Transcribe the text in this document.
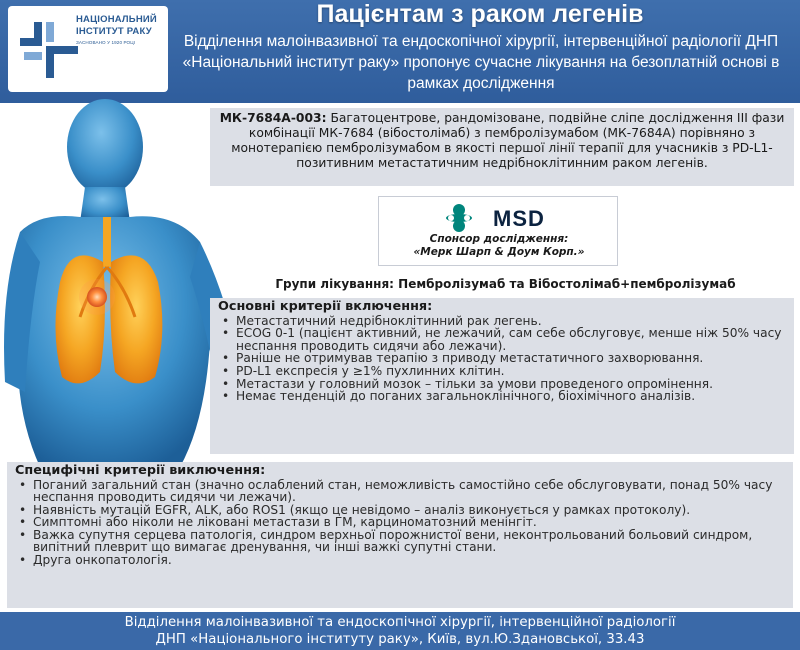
НАЦІОНАЛЬНИЙ ІНСТИТУТ РАКУ
ЗАСНОВАНО У 1920 РОЦІ
Пацієнтам з раком легенів
Відділення малоінвазивної та ендоскопічної хірургії, інтервенційної радіології ДНП «Національний інститут раку» пропонує сучасне лікування на безоплатній основі в рамках дослідження
МК-7684А-003: Багатоцентрове, рандомізоване, подвійне сліпе дослідження III фази комбінації МК-7684 (вібостолімаб) з пембролізумабом (МК-7684А) порівняно з монотерапією пембролізумабом в якості першої лінії терапії для учасників з PD-L1-позитивним метастатичним недрібноклітинним раком легенів.
MSD
Спонсор дослідження:
«Мерк Шарп & Доум Корп.»
Групи лікування: Пембролізумаб та Вібостолімаб+пембролізумаб
Основні критерії включення:
• Метастатичний недрібноклітинний рак легень.
• ECOG 0-1 (пацієнт активний, не лежачий, сам себе обслуговує, менше ніж 50% часу неспання проводить сидячи або лежачи).
• Раніше не отримував терапію з приводу метастатичного захворювання.
• PD-L1 експресія у ≥1% пухлинних клітин.
• Метастази у головний мозок – тільки за умови проведеного опромінення.
• Немає тенденцій до поганих загальноклінічного, біохімічного аналізів.
Специфічні критерії виключення:
• Поганий загальний стан (значно ослаблений стан, неможливість самостійно себе обслуговувати, понад 50% часу неспання проводить сидячи чи лежачи).
• Наявність мутацій EGFR, ALK, або ROS1 (якщо це невідомо – аналіз виконується у рамках протоколу).
• Симптомні або ніколи не ліковані метастази в ГМ, карциноматозний менінгіт.
• Важка супутня серцева патологія, синдром верхньої порожнистої вени, неконтрольований больовий синдром, випітний плеврит що вимагає дренування, чи інші важкі супутні стани.
• Друга онкопатологія.
Відділення малоінвазивної та ендоскопічної хірургії, інтервенційної радіології
ДНП «Національного інституту раку», Київ, вул.Ю.Здановської, 33.43
